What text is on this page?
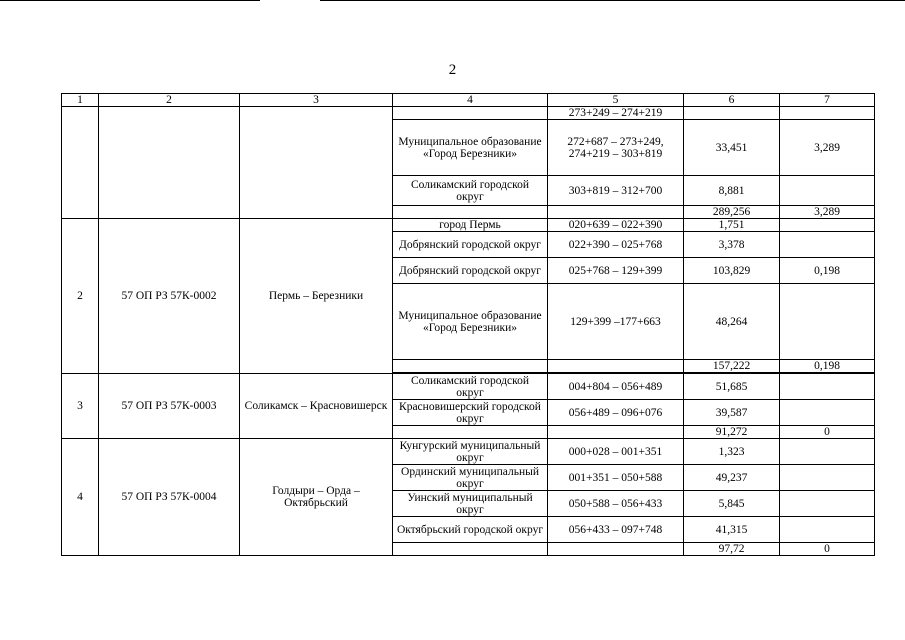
2
1	2	3	4	5	6	7
				273+249 – 274+219		
			Муниципальное образование «Город Березники»	272+687 – 273+249, 274+219 – 303+819	33,451	3,289
			Соликамский городской округ	303+819 – 312+700	8,881	
					289,256	3,289
2	57 ОП РЗ 57К-0002	Пермь – Березники	город Пермь	020+639 – 022+390	1,751	
			Добрянский городской округ	022+390 – 025+768	3,378	
			Добрянский городской округ	025+768 – 129+399	103,829	0,198
			Муниципальное образование «Город Березники»	129+399 –177+663	48,264	
					157,222	0,198

3	57 ОП РЗ 57К-0003	Соликамск – Красновишерск	Соликамский городской округ	004+804 – 056+489	51,685	
			Красновишерский городской округ	056+489 – 096+076	39,587	
					91,272	0
4	57 ОП РЗ 57К-0004	Голдыри – Орда – Октябрьский	Кунгурский муниципальный округ	000+028 – 001+351	1,323	
			Ординский муниципальный округ	001+351 – 050+588	49,237	
			Уинский муниципальный округ	050+588 – 056+433	5,845	
			Октябрьский городской округ	056+433 – 097+748	41,315	
					97,72	0
